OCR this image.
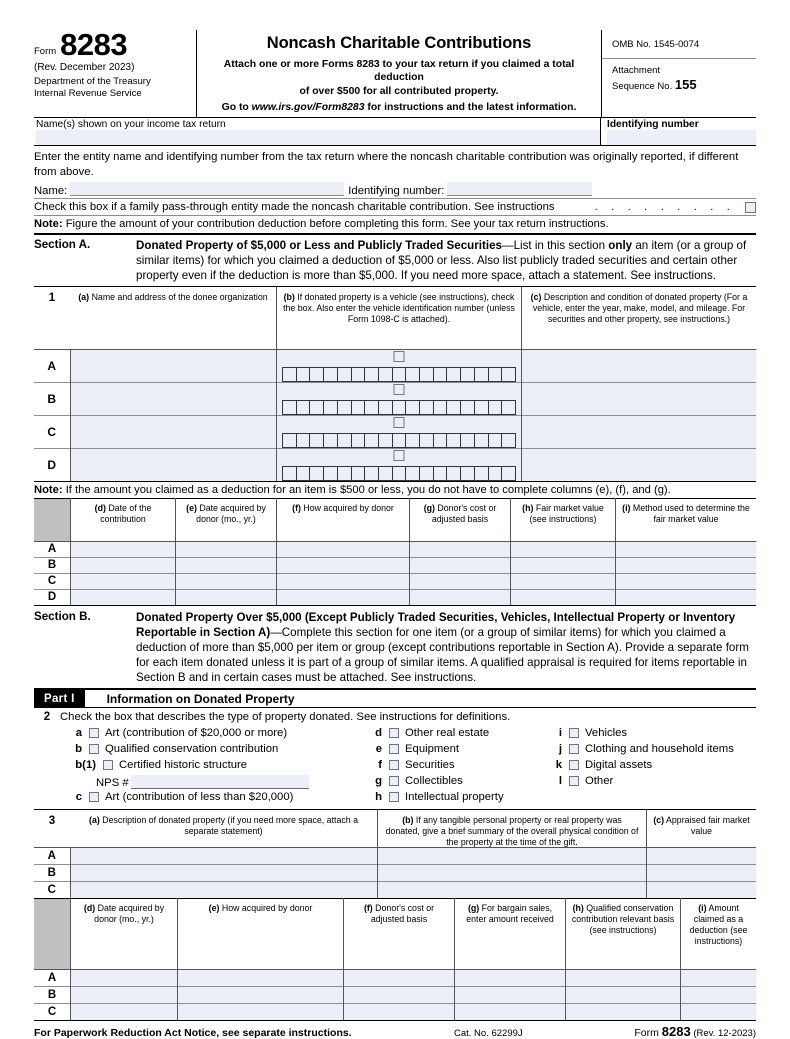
Form 8283
(Rev. December 2023)
Department of the Treasury
Internal Revenue Service
Noncash Charitable Contributions
Attach one or more Forms 8283 to your tax return if you claimed a total deduction
of over $500 for all contributed property.
Go to www.irs.gov/Form8283 for instructions and the latest information.
OMB No. 1545-0074
Attachment
Sequence No. 155
Name(s) shown on your income tax return	Identifying number
Enter the entity name and identifying number from the tax return where the noncash charitable contribution was originally reported, if different from above.
Name:	Identifying number:
Check this box if a family pass-through entity made the noncash charitable contribution. See instructions	. . . . . . . . .
Note: Figure the amount of your contribution deduction before completing this form. See your tax return instructions.
Section A.	Donated Property of $5,000 or Less and Publicly Traded Securities—List in this section only an item (or a group of similar items) for which you claimed a deduction of $5,000 or less. Also list publicly traded securities and certain other property even if the deduction is more than $5,000. If you need more space, attach a statement. See instructions.
1	(a) Name and address of the donee organization	(b) If donated property is a vehicle (see instructions), check the box. Also enter the vehicle identification number (unless Form 1098-C is attached).	(c) Description and condition of donated property (For a vehicle, enter the year, make, model, and mileage. For securities and other property, see instructions.)
A		

B		

C		

D		

Note: If the amount you claimed as a deduction for an item is $500 or less, you do not have to complete columns (e), (f), and (g).
	(d) Date of the contribution	(e) Date acquired by donor (mo., yr.)	(f) How acquired by donor	(g) Donor's cost or adjusted basis	(h) Fair market value (see instructions)	(i) Method used to determine the fair market value
A						
B						
C						
D						
Section B.	Donated Property Over $5,000 (Except Publicly Traded Securities, Vehicles, Intellectual Property or Inventory Reportable in Section A)—Complete this section for one item (or a group of similar items) for which you claimed a deduction of more than $5,000 per item or group (except contributions reportable in Section A). Provide a separate form for each item donated unless it is part of a group of similar items. A qualified appraisal is required for items reportable in Section B and in certain cases must be attached. See instructions.
Part I	Information on Donated Property
2 Check the box that describes the type of property donated. See instructions for definitions.
a	Art (contribution of $20,000 or more)
b	Qualified conservation contribution
b(1)	Certified historic structure
NPS #
c	Art (contribution of less than $20,000)
d	Other real estate
e	Equipment
f	Securities
g	Collectibles
h	Intellectual property
i	Vehicles
j	Clothing and household items
k	Digital assets
l	Other
3	(a) Description of donated property (if you need more space, attach a separate statement)	(b) If any tangible personal property or real property was donated, give a brief summary of the overall physical condition of the property at the time of the gift.	(c) Appraised fair market value
A			
B			
C			
	(d) Date acquired by donor (mo., yr.)	(e) How acquired by donor	(f) Donor's cost or adjusted basis	(g) For bargain sales, enter amount received	(h) Qualified conservation contribution relevant basis (see instructions)	(i) Amount claimed as a deduction (see instructions)
A						
B						
C						
For Paperwork Reduction Act Notice, see separate instructions.	Cat. No. 62299J	Form 8283 (Rev. 12-2023)
